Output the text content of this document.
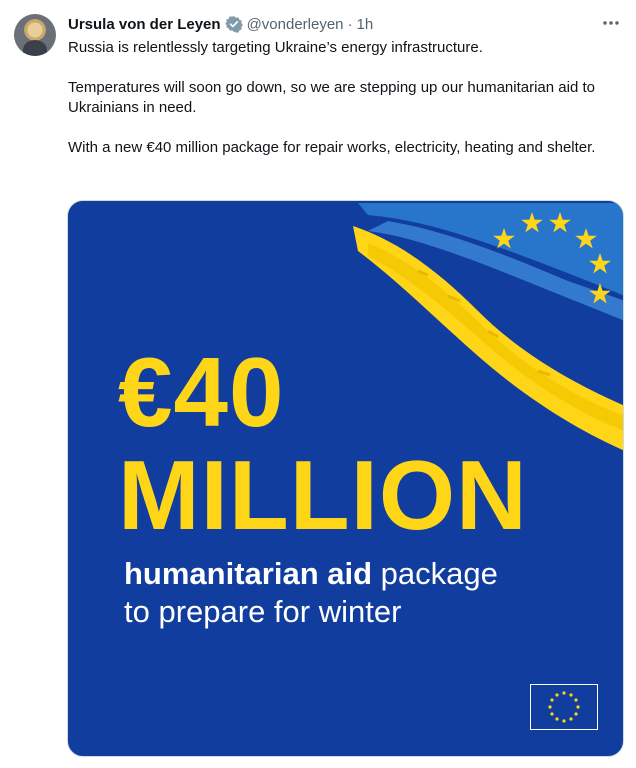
Ursula von der Leyen @vonderleyen · 1h

Russia is relentlessly targeting Ukraine’s energy infrastructure.

Temperatures will soon go down, so we are stepping up our humanitarian aid to Ukrainians in need.

With a new €40 million package for repair works, electricity, heating and shelter.

€40
MILLION
humanitarian aid package
to prepare for winter
